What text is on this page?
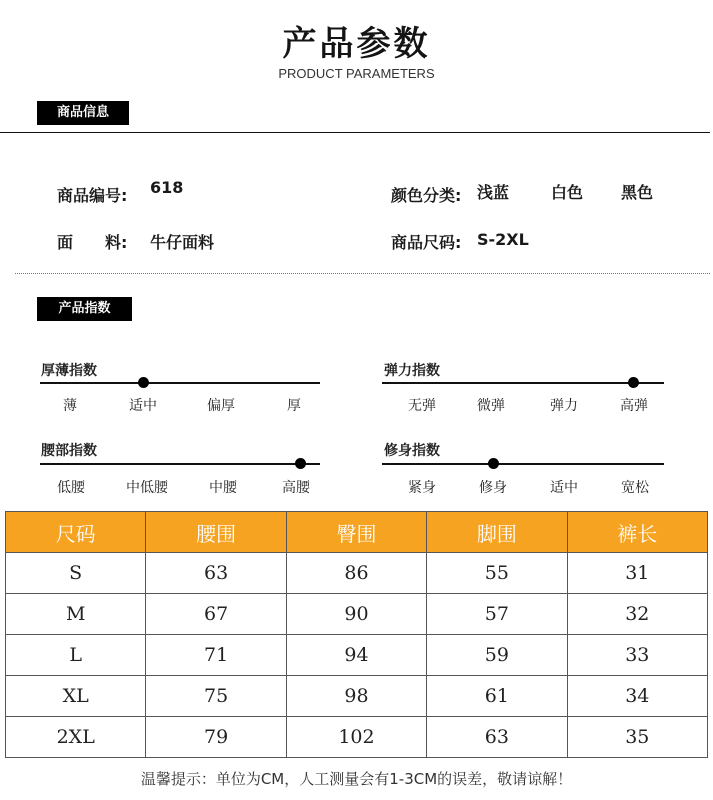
产品参数
PRODUCT PARAMETERS
商品信息
商品编号: 618	颜色分类: 浅蓝	白色 黑色
面　　料: 牛仔面料	商品尺码: S-2XL
产品指数
厚薄指数
薄	适中	偏厚	厚
弹力指数
无弹	微弹	弹力	高弹
腰部指数
低腰	中低腰	中腰	高腰
修身指数
紧身	修身	适中	宽松
尺码	腰围	臀围	脚围	裤长
S	63	86	55	31
M	67	90	57	32
L	71	94	59	33
XL	75	98	61	34
2XL	79	102	63	35
温馨提示：单位为CM，人工测量会有1-3CM的误差，敬请谅解！
